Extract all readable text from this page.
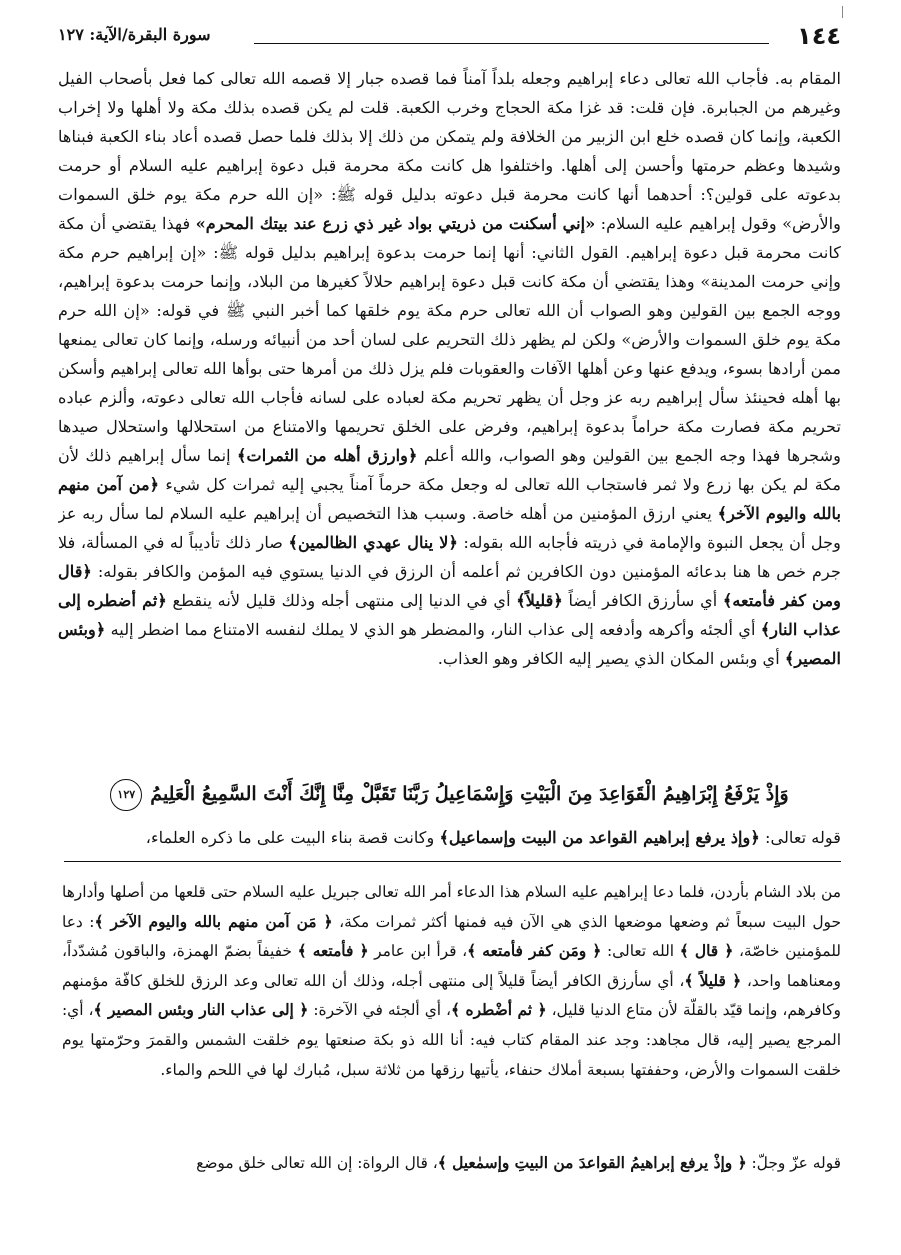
١٤٤
سورة البقرة/الآية: ١٢٧

المقام به. فأجاب الله تعالى دعاء إبراهيم وجعله بلداً آمناً فما قصده جبار إلا قصمه الله تعالى كما فعل بأصحاب الفيل وغيرهم من الجبابرة. فإن قلت: قد غزا مكة الحجاج وخرب الكعبة. قلت لم يكن قصده بذلك مكة ولا أهلها ولا إخراب الكعبة، وإنما كان قصده خلع ابن الزبير من الخلافة ولم يتمكن من ذلك إلا بذلك فلما حصل قصده أعاد بناء الكعبة فبناها وشيدها وعظم حرمتها وأحسن إلى أهلها. واختلفوا هل كانت مكة محرمة قبل دعوة إبراهيم عليه السلام أو حرمت بدعوته على قولين؟: أحدهما أنها كانت محرمة قبل دعوته بدليل قوله ﷺ: «إن الله حرم مكة يوم خلق السموات والأرض» وقول إبراهيم عليه السلام: «إني أسكنت من ذريتي بواد غير ذي زرع عند بيتك المحرم» فهذا يقتضي أن مكة كانت محرمة قبل دعوة إبراهيم. القول الثاني: أنها إنما حرمت بدعوة إبراهيم بدليل قوله ﷺ: «إن إبراهيم حرم مكة وإني حرمت المدينة» وهذا يقتضي أن مكة كانت قبل دعوة إبراهيم حلالاً كغيرها من البلاد، وإنما حرمت بدعوة إبراهيم، ووجه الجمع بين القولين وهو الصواب أن الله تعالى حرم مكة يوم خلقها كما أخبر النبي ﷺ في قوله: «إن الله حرم مكة يوم خلق السموات والأرض» ولكن لم يظهر ذلك التحريم على لسان أحد من أنبيائه ورسله، وإنما كان تعالى يمنعها ممن أرادها بسوء، ويدفع عنها وعن أهلها الآفات والعقوبات فلم يزل ذلك من أمرها حتى بوأها الله تعالى إبراهيم وأسكن بها أهله فحينئذ سأل إبراهيم ربه عز وجل أن يظهر تحريم مكة لعباده على لسانه فأجاب الله تعالى دعوته، وألزم عباده تحريم مكة فصارت مكة حراماً بدعوة إبراهيم، وفرض على الخلق تحريمها والامتناع من استحلالها واستحلال صيدها وشجرها فهذا وجه الجمع بين القولين وهو الصواب، والله أعلم ﴿وارزق أهله من الثمرات﴾ إنما سأل إبراهيم ذلك لأن مكة لم يكن بها زرع ولا ثمر فاستجاب الله تعالى له وجعل مكة حرماً آمناً يجبي إليه ثمرات كل شيء ﴿من آمن منهم بالله واليوم الآخر﴾ يعني ارزق المؤمنين من أهله خاصة. وسبب هذا التخصيص أن إبراهيم عليه السلام لما سأل ربه عز وجل أن يجعل النبوة والإمامة في ذريته فأجابه الله بقوله: ﴿لا ينال عهدي الظالمين﴾ صار ذلك تأديباً له في المسألة، فلا جرم خص ها هنا بدعائه المؤمنين دون الكافرين ثم أعلمه أن الرزق في الدنيا يستوي فيه المؤمن والكافر بقوله: ﴿قال ومن كفر فأمتعه﴾ أي سأرزق الكافر أيضاً ﴿قليلاً﴾ أي في الدنيا إلى منتهى أجله وذلك قليل لأنه ينقطع ﴿ثم أضطره إلى عذاب النار﴾ أي ألجئه وأكرهه وأدفعه إلى عذاب النار، والمضطر هو الذي لا يملك لنفسه الامتناع مما اضطر إليه ﴿وبئس المصير﴾ أي وبئس المكان الذي يصير إليه الكافر وهو العذاب.

وَإِذْ يَرْفَعُ إِبْرَاهِيمُ الْقَوَاعِدَ مِنَ الْبَيْتِ وَإِسْمَاعِيلُ رَبَّنَا تَقَبَّلْ مِنَّا إِنَّكَ أَنْتَ السَّمِيعُ الْعَلِيمُ١٢٧
قوله تعالى: ﴿وإذ يرفع إبراهيم القواعد من البيت وإسماعيل﴾ وكانت قصة بناء البيت على ما ذكره العلماء،

من بلاد الشام بأردن، فلما دعا إبراهيم عليه السلام هذا الدعاء أمر الله تعالى جبريل عليه السلام حتى قلعها من أصلها وأدارها حول البيت سبعاً ثم وضعها موضعها الذي هي الآن فيه فمنها أكثر ثمرات مكة، ﴿ مَن آمن منهم بالله واليوم الآخر ﴾: دعا للمؤمنين خاصّة، ﴿ قال ﴾ الله تعالى: ﴿ ومَن كفر فأمتعه ﴾، قرأ ابن عامر ﴿ فأمتعه ﴾ خفيفاً بضمّ الهمزة، والباقون مُشدّداً، ومعناهما واحد، ﴿ قليلاً ﴾، أي سأرزق الكافر أيضاً قليلاً إلى منتهى أجله، وذلك أن الله تعالى وعد الرزق للخلق كافّة مؤمنهم وكافرهم، وإنما قيّد بالقلّة لأن متاع الدنيا قليل، ﴿ ثم أضْطره ﴾، أي ألجئه في الآخرة: ﴿ إلى عذاب النار وبئس المصير ﴾، أي: المرجع يصير إليه، قال مجاهد: وجد عند المقام كتاب فيه: أنا الله ذو بكة صنعتها يوم خلقت الشمس والقمرَ وحرّمتها يوم خلقت السموات والأرض، وحففتها بسبعة أملاك حنفاء، يأتيها رزقها من ثلاثة سبل، مُبارك لها في اللحم والماء.

قوله عزّ وجلّ: ﴿ وإذْ يرفع إبراهيمُ القواعدَ من البيتِ وإسمٰعيل ﴾، قال الرواة: إن الله تعالى خلق موضع
